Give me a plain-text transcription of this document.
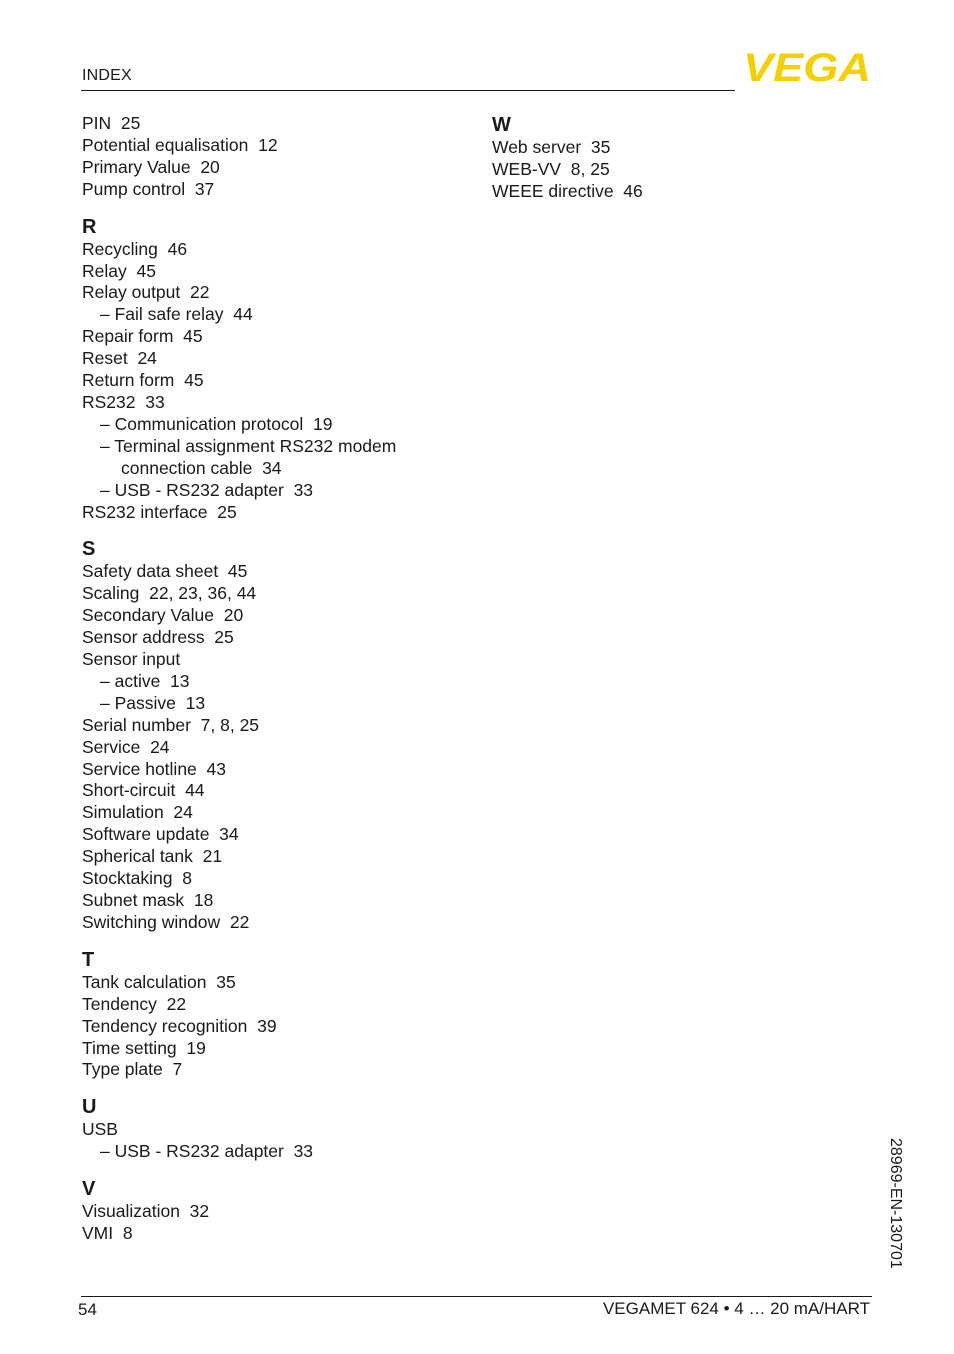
INDEX	VEGA
PIN  25
Potential equalisation  12
Primary Value  20
Pump control  37
R
Recycling  46
Relay  45
Relay output  22
– Fail safe relay  44
Repair form  45
Reset  24
Return form  45
RS232  33
– Communication protocol  19
– Terminal assignment RS232 modem
connection cable  34
– USB - RS232 adapter  33
RS232 interface  25
S
Safety data sheet  45
Scaling  22, 23, 36, 44
Secondary Value  20
Sensor address  25
Sensor input
– active  13
– Passive  13
Serial number  7, 8, 25
Service  24
Service hotline  43
Short-circuit  44
Simulation  24
Software update  34
Spherical tank  21
Stocktaking  8
Subnet mask  18
Switching window  22
T
Tank calculation  35
Tendency  22
Tendency recognition  39
Time setting  19
Type plate  7
U
USB
– USB - RS232 adapter  33
V
Visualization  32
VMI  8
W
Web server  35
WEB-VV  8, 25
WEEE directive  46
28969-EN-130701
54	VEGAMET 624 • 4 … 20 mA/HART
